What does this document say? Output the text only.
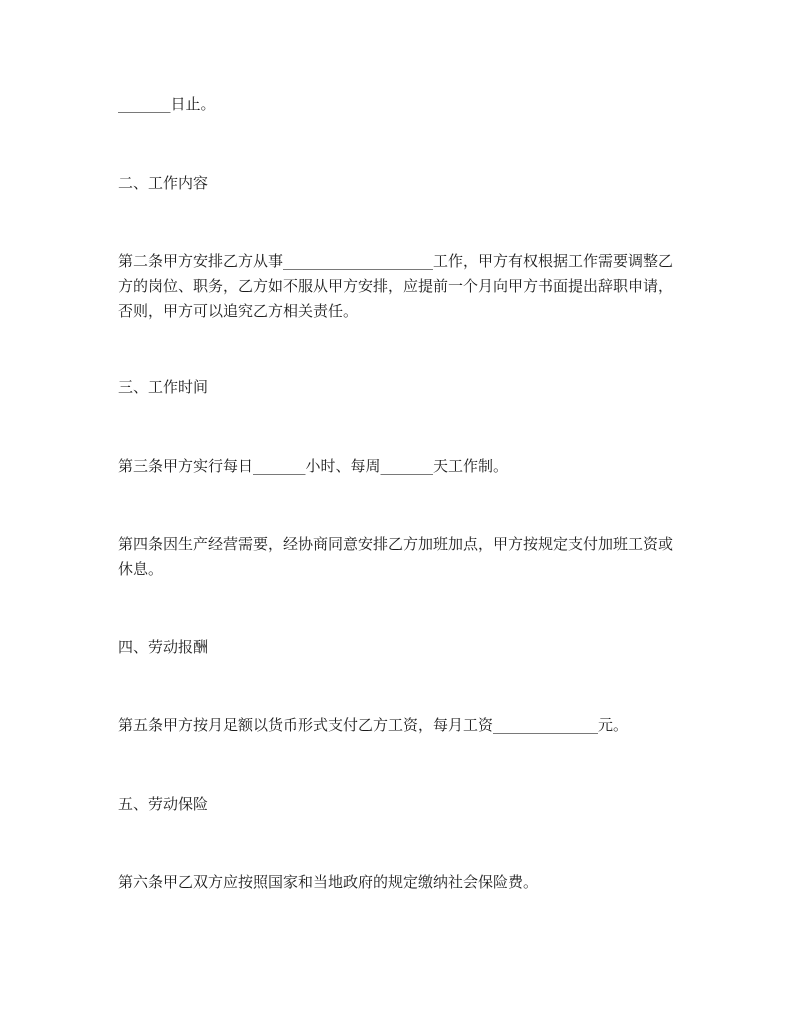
_______日止。
二、工作内容
第二条甲方安排乙方从事____________________工作，甲方有权根据工作需要调整乙方的岗位、职务，乙方如不服从甲方安排，应提前一个月向甲方书面提出辞职申请，否则，甲方可以追究乙方相关责任。
三、工作时间
第三条甲方实行每日_______小时、每周_______天工作制。
第四条因生产经营需要，经协商同意安排乙方加班加点，甲方按规定支付加班工资或休息。
四、劳动报酬
第五条甲方按月足额以货币形式支付乙方工资，每月工资______________元。
五、劳动保险
第六条甲乙双方应按照国家和当地政府的规定缴纳社会保险费。
